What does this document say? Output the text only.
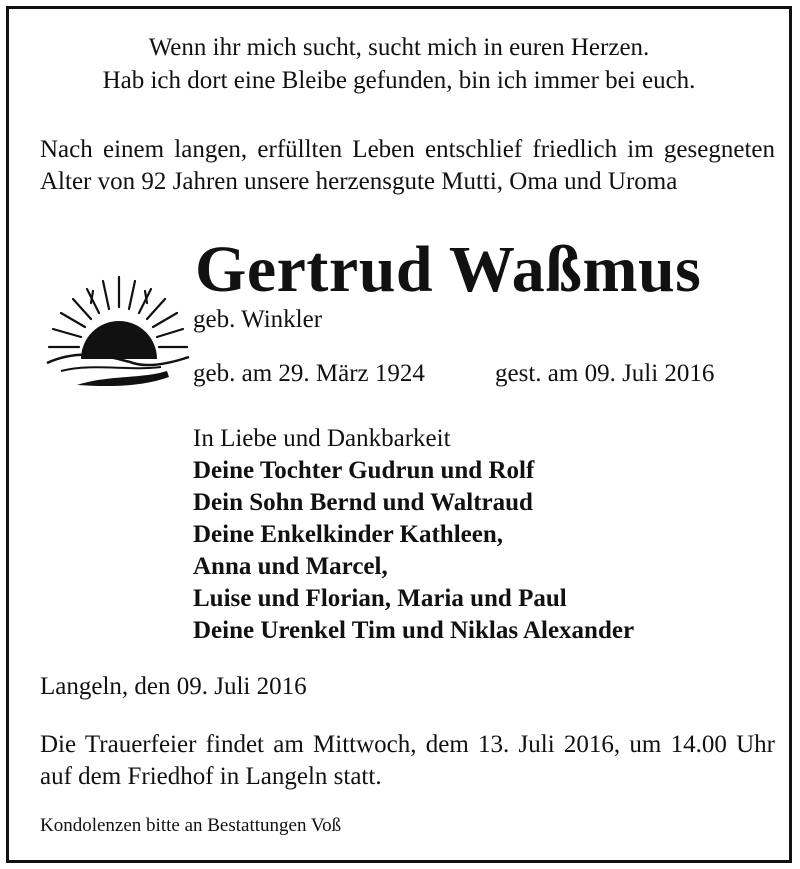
Wenn ihr mich sucht, sucht mich in euren Herzen.
Hab ich dort eine Bleibe gefunden, bin ich immer bei euch.
Nach einem langen, erfüllten Leben entschlief friedlich im gesegneten Alter von 92 Jahren unsere herzensgute Mutti, Oma und Uroma
Gertrud Waßmus
geb. Winkler
geb. am 29. März 1924	gest. am 09. Juli 2016
In Liebe und Dankbarkeit
Deine Tochter Gudrun und Rolf
Dein Sohn Bernd und Waltraud
Deine Enkelkinder Kathleen,
Anna und Marcel,
Luise und Florian, Maria und Paul
Deine Urenkel Tim und Niklas Alexander
Langeln, den 09. Juli 2016
Die Trauerfeier findet am Mittwoch, dem 13. Juli 2016, um 14.00 Uhr auf dem Friedhof in Langeln statt.
Kondolenzen bitte an Bestattungen Voß
